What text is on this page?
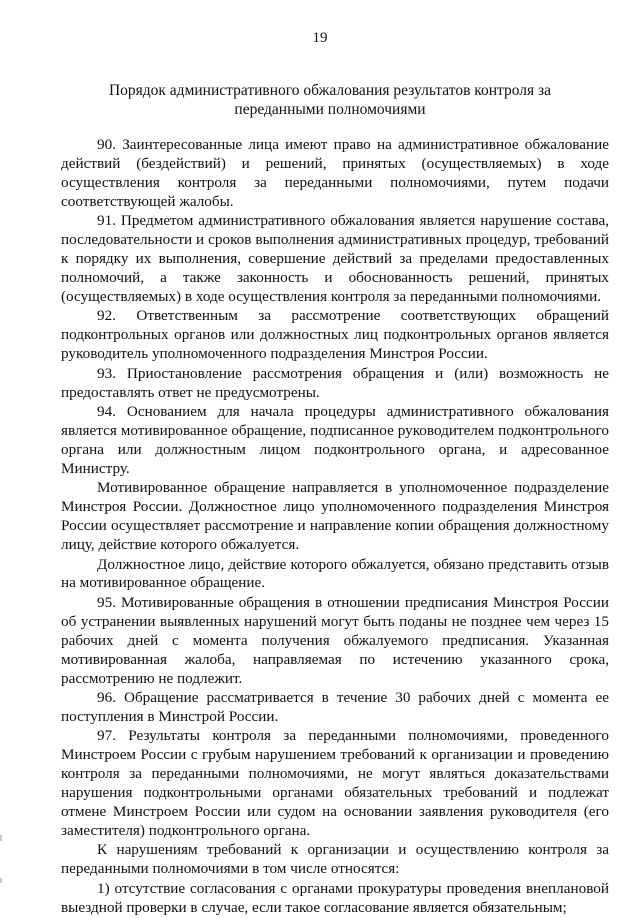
19
Порядок административного обжалования результатов контроля за переданными полномочиями

90. Заинтересованные лица имеют право на административное обжалование действий (бездействий) и решений, принятых (осуществляемых) в ходе осуществления контроля за переданными полномочиями, путем подачи соответствующей жалобы.

91. Предметом административного обжалования является нарушение состава, последовательности и сроков выполнения административных процедур, требований к порядку их выполнения, совершение действий за пределами предоставленных полномочий, а также законность и обоснованность решений, принятых (осуществляемых) в ходе осуществления контроля за переданными полномочиями.

92. Ответственным за рассмотрение соответствующих обращений подконтрольных органов или должностных лиц подконтрольных органов является руководитель уполномоченного подразделения Минстроя России.

93. Приостановление рассмотрения обращения и (или) возможность не предоставлять ответ не предусмотрены.

94. Основанием для начала процедуры административного обжалования является мотивированное обращение, подписанное руководителем подконтрольного органа или должностным лицом подконтрольного органа, и адресованное Министру.

Мотивированное обращение направляется в уполномоченное подразделение Минстроя России. Должностное лицо уполномоченного подразделения Минстроя России осуществляет рассмотрение и направление копии обращения должностному лицу, действие которого обжалуется.

Должностное лицо, действие которого обжалуется, обязано представить отзыв на мотивированное обращение.

95. Мотивированные обращения в отношении предписания Минстроя России об устранении выявленных нарушений могут быть поданы не позднее чем через 15 рабочих дней с момента получения обжалуемого предписания. Указанная мотивированная жалоба, направляемая по истечению указанного срока, рассмотрению не подлежит.

96. Обращение рассматривается в течение 30 рабочих дней с момента ее поступления в Минстрой России.

97. Результаты контроля за переданными полномочиями, проведенного Минстроем России с грубым нарушением требований к организации и проведению контроля за переданными полномочиями, не могут являться доказательствами нарушения подконтрольными органами обязательных требований и подлежат отмене Минстроем России или судом на основании заявления руководителя (его заместителя) подконтрольного органа.

К нарушениям требований к организации и осуществлению контроля за переданными полномочиями в том числе относятся:

1) отсутствие согласования с органами прокуратуры проведения внеплановой выездной проверки в случае, если такое согласование является обязательным;
